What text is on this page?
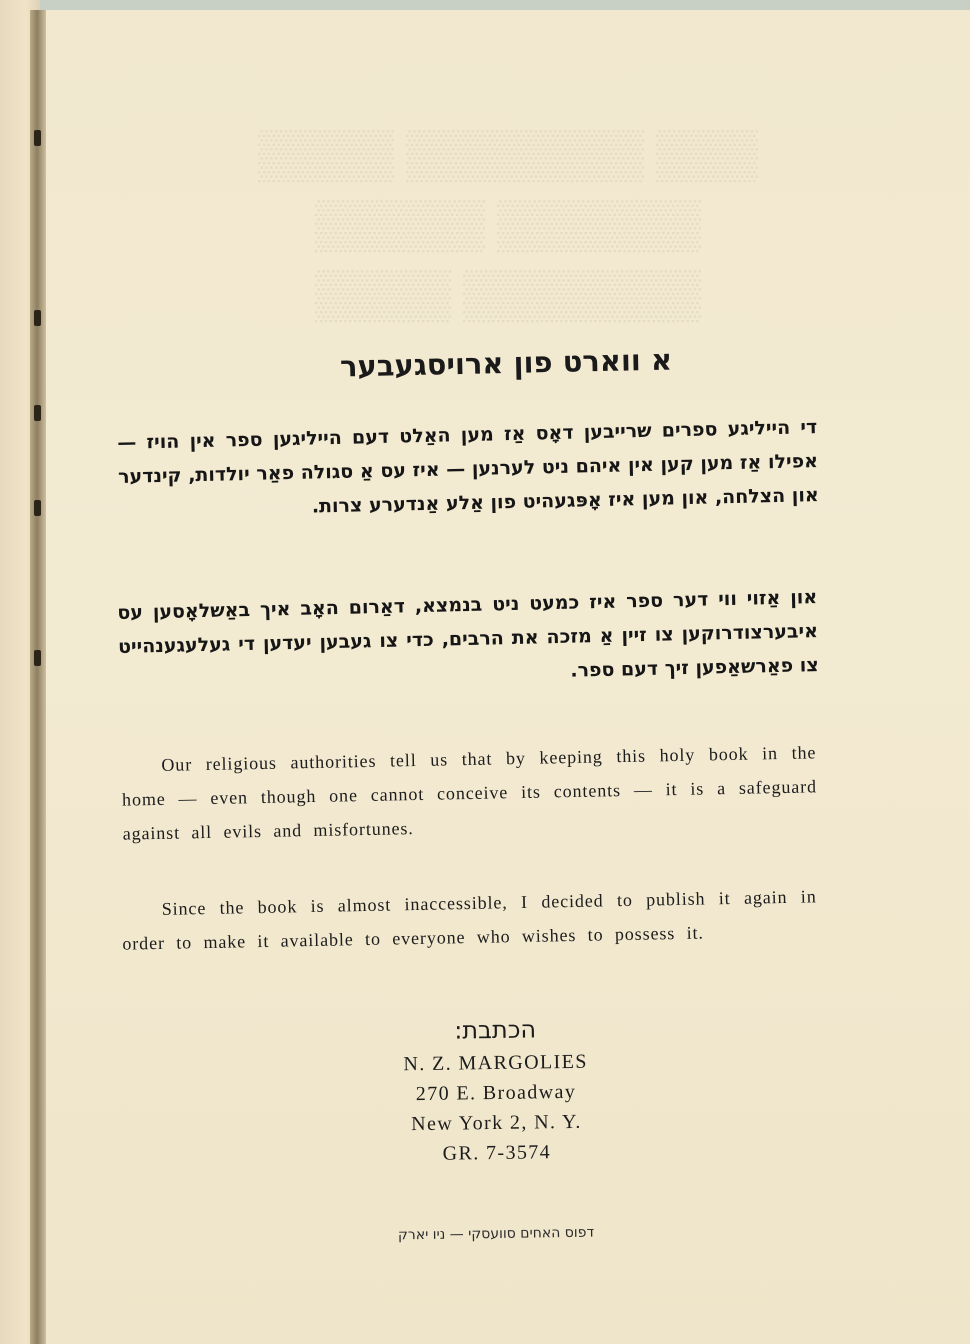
▒▒▒▒ ▒▒▒▒▒▒▒ ▒▒▒
▒▒▒▒▒ ▒▒▒▒▒▒
▒▒▒▒ ▒▒▒▒▒▒▒
א ווארט פון ארויסגעבער
די הייליגע ספרים שרייבען דאָס אַז מען האַלט דעם הייליגען ספר אין הויז — אפילו אַז מען קען אין איהם ניט לערנען — איז עס אַ סגולה פאַר יולדות, קינדער און הצלחה, און מען איז אָפּגעהיט פון אַלע אַנדערע צרות.
און אַזוי ווי דער ספר איז כמעט ניט בנמצא, דאַרום האָב איך באַשלאָסען עס איבערצודרוקען צו זיין אַ מזכה את הרבים, כדי צו געבען יעדען די געלעגענהייט צו פאַרשאַפען זיך דעם ספר.
Our religious authorities tell us that by keeping this holy book in the home — even though one cannot conceive its contents — it is a safeguard against all evils and misfortunes.
Since the book is almost inaccessible, I decided to publish it again in order to make it available to everyone who wishes to possess it.
הכתבת:
N. Z. MARGOLIES
270 E. Broadway
New York 2, N. Y.
GR. 7-3574
דפוס האחים סוועסקי — ניו יארק
